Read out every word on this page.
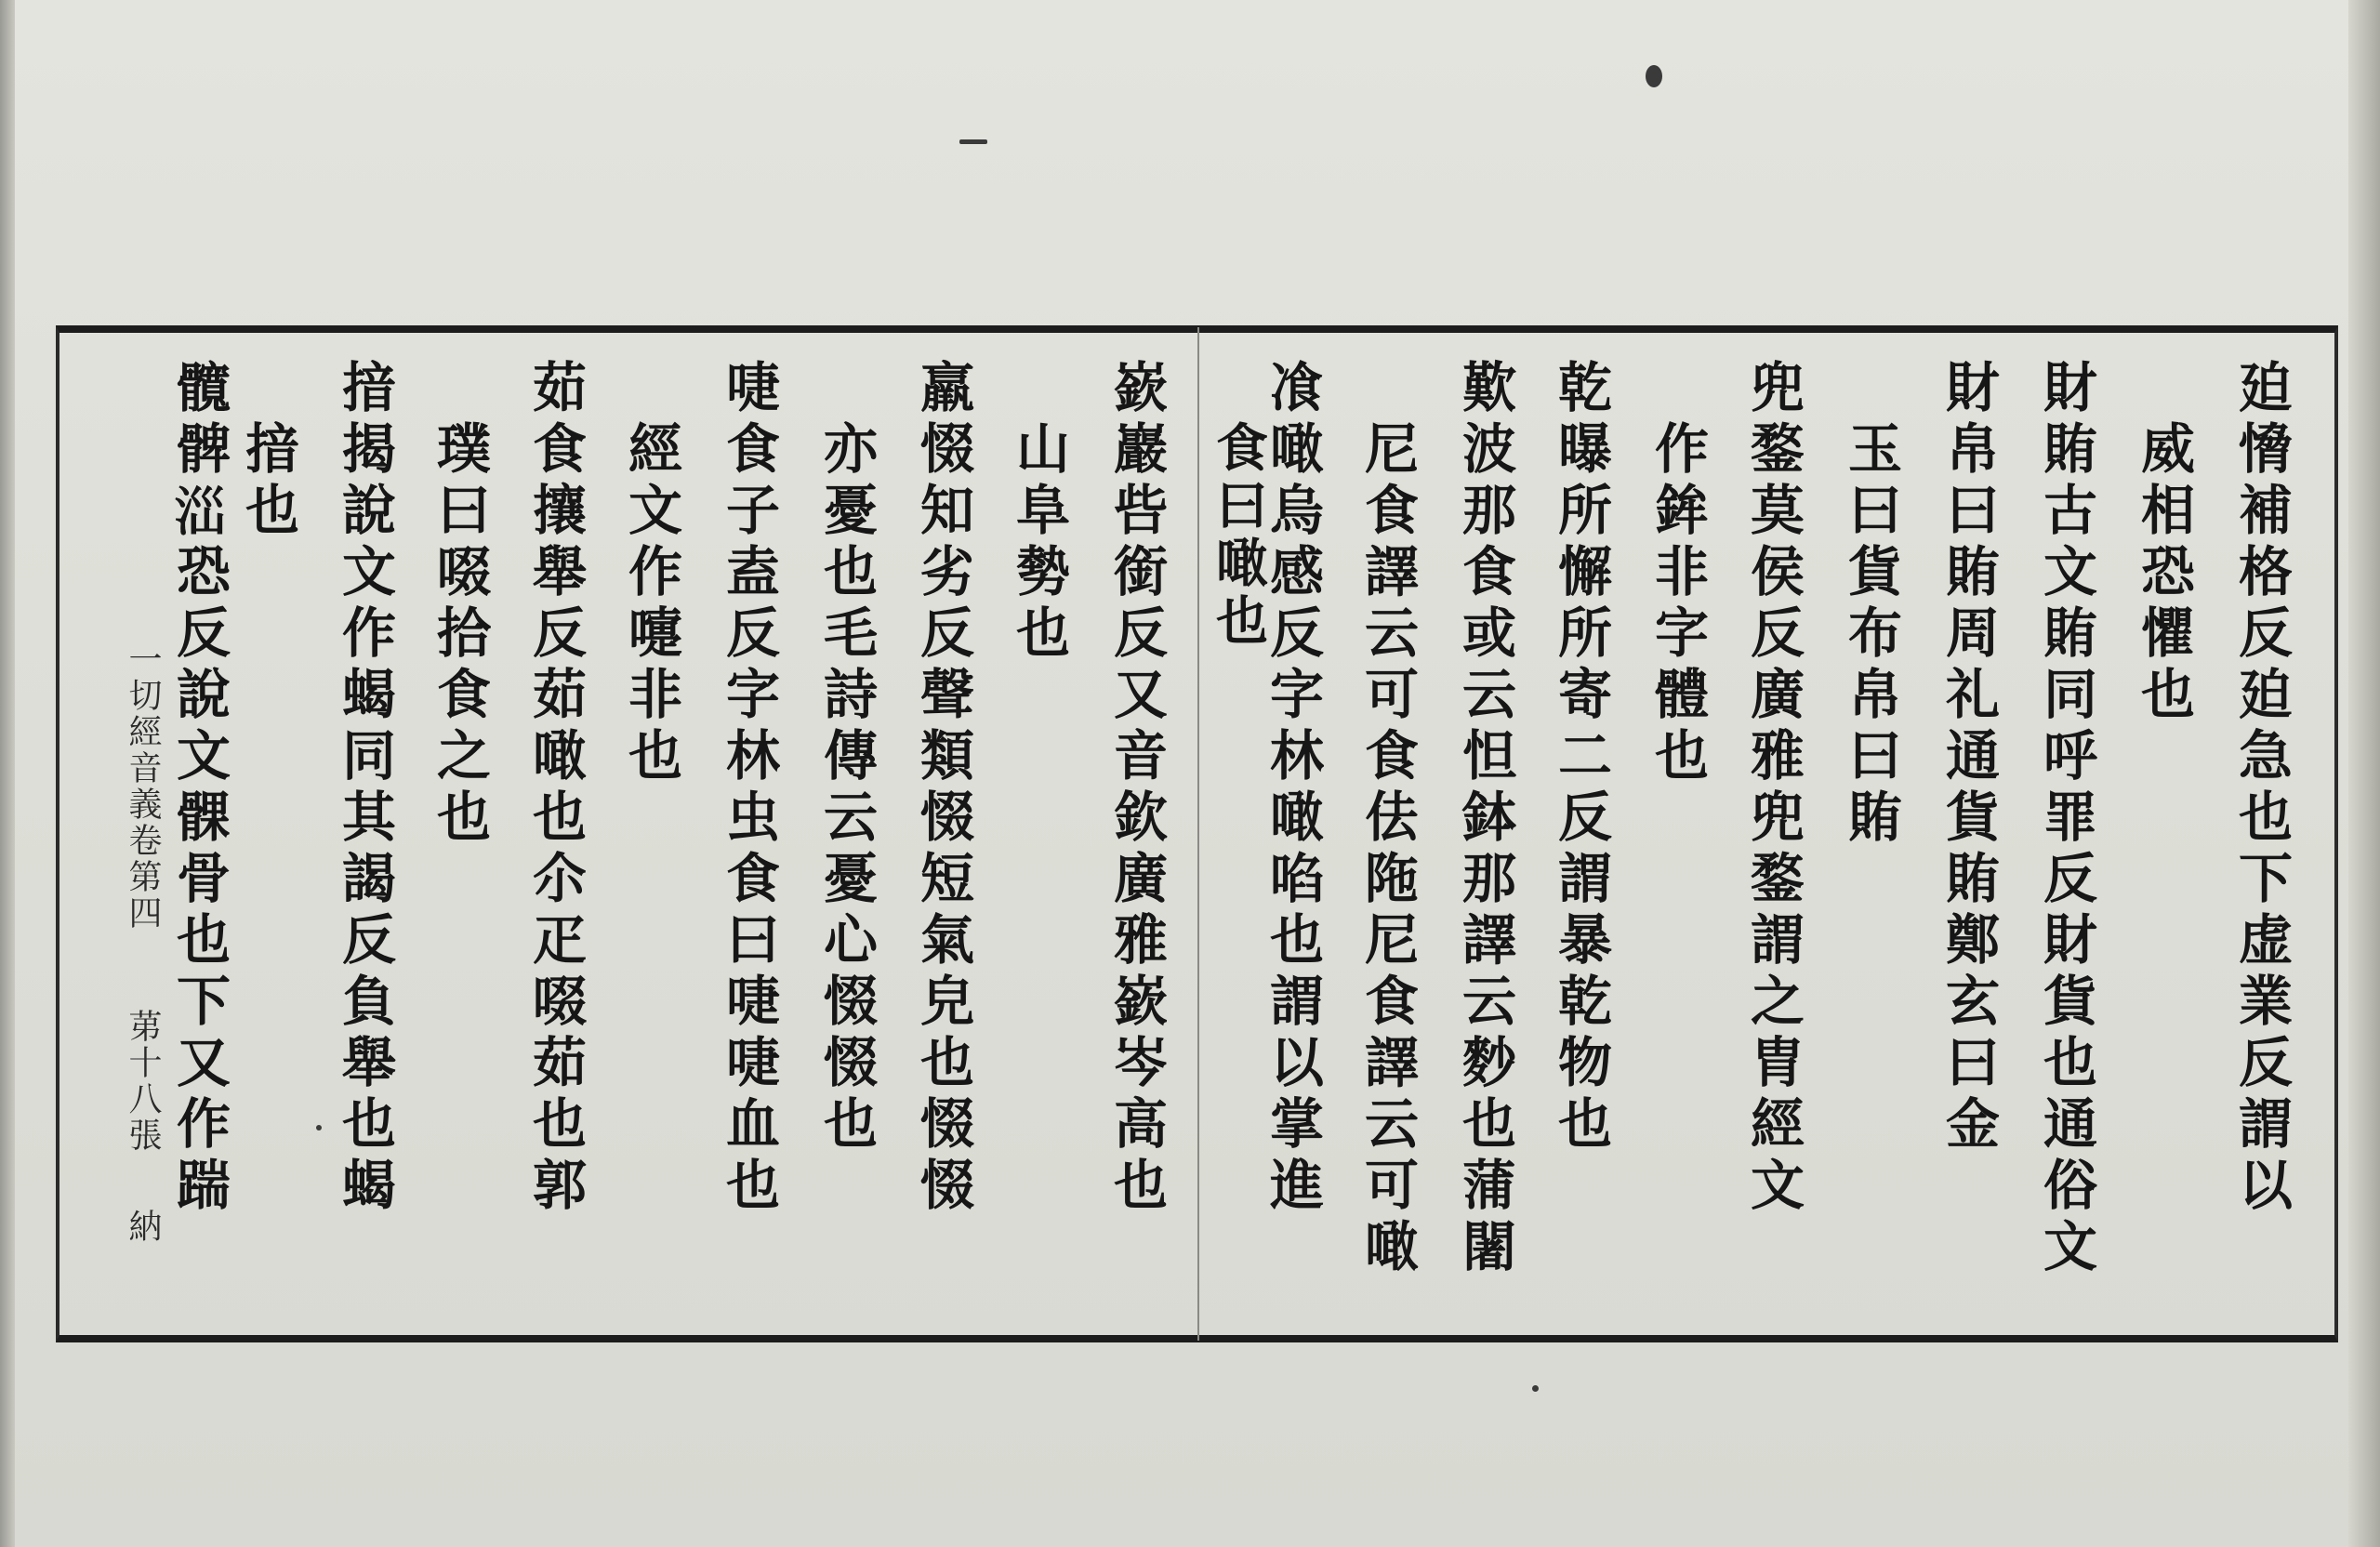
廹愶補格反廹急也下虚業反謂以
威相恐懼也
財賄古文賄同呼罪反財貨也通俗文
財帛曰賄周礼通貨賄鄭玄曰金
玉曰貨布帛曰賄
兜鍪莫侯反廣雅兜鍪謂之胄經文
作鉾非字體也
乾曝所懈所寄二反謂暴乾物也
歎波那食或云怛鉢那譯云麨也蒲闍
尼食譯云可食佉陁尼食譯云可噉
飡噉烏感反字林噉啗也謂以掌進
食曰噉也
嶔巖呰銜反又音欽廣雅嶔岑高也
山阜勢也
羸惙知劣反聲類惙短氣皃也惙惙
亦憂也毛詩傳云憂心惙惙也
啑食子盍反字林虫食曰啑啑血也
經文作嚏非也
茹食攘舉反茹噉也尒疋啜茹也郭
璞曰啜拾食之也
揞揭說文作蝎同其謁反負舉也蝎
揞也
髖髀𣳺恐反說文髁骨也下又作踹
一切經音義卷第四
苐十八張
納
